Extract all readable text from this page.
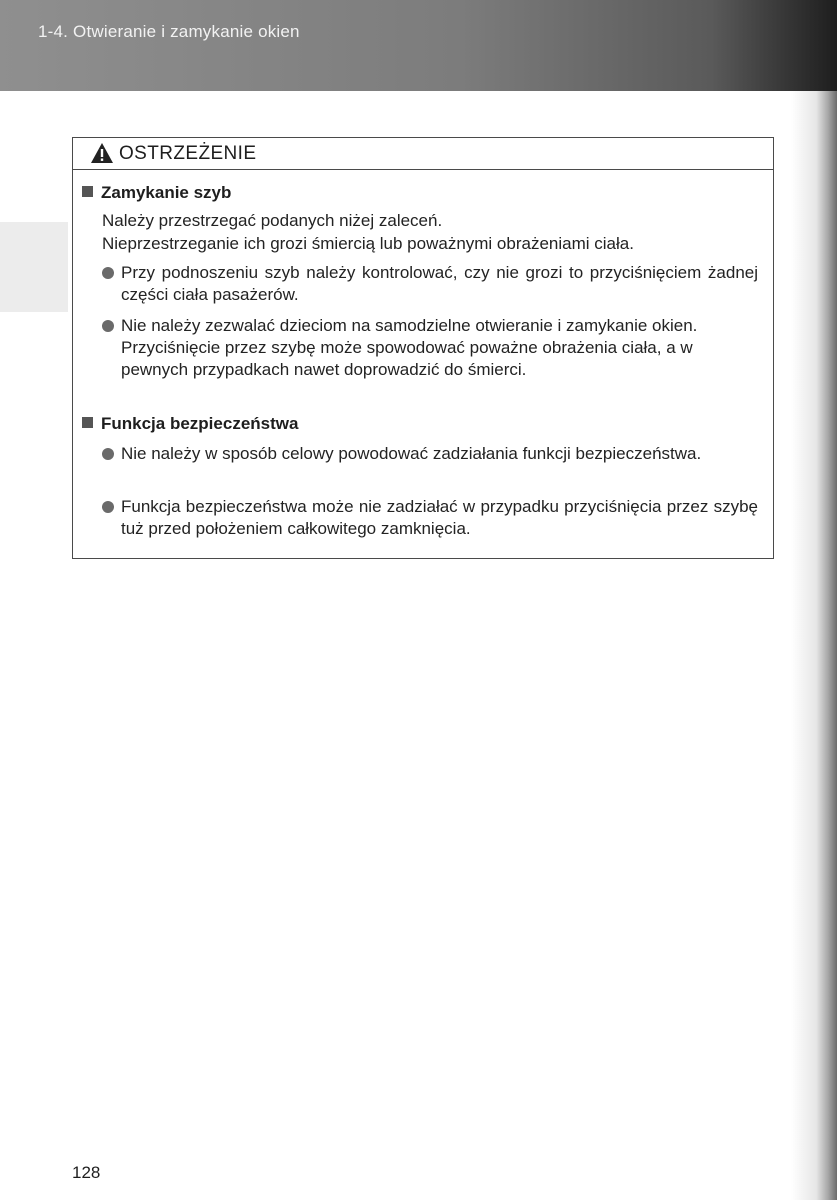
1-4. Otwieranie i zamykanie okien
OSTRZEŻENIE
Zamykanie szyb
Należy przestrzegać podanych niżej zaleceń.
Nieprzestrzeganie ich grozi śmiercią lub poważnymi obrażeniami ciała.
Przy podnoszeniu szyb należy kontrolować, czy nie grozi to przyciśnięciem żadnej części ciała pasażerów.
Nie należy zezwalać dzieciom na samodzielne otwieranie i zamykanie okien.
Przyciśnięcie przez szybę może spowodować poważne obrażenia ciała, a w pewnych przypadkach nawet doprowadzić do śmierci.
Funkcja bezpieczeństwa
Nie należy w sposób celowy powodować zadziałania funkcji bezpieczeństwa.
Funkcja bezpieczeństwa może nie zadziałać w przypadku przyciśnięcia przez szybę tuż przed położeniem całkowitego zamknięcia.
128
